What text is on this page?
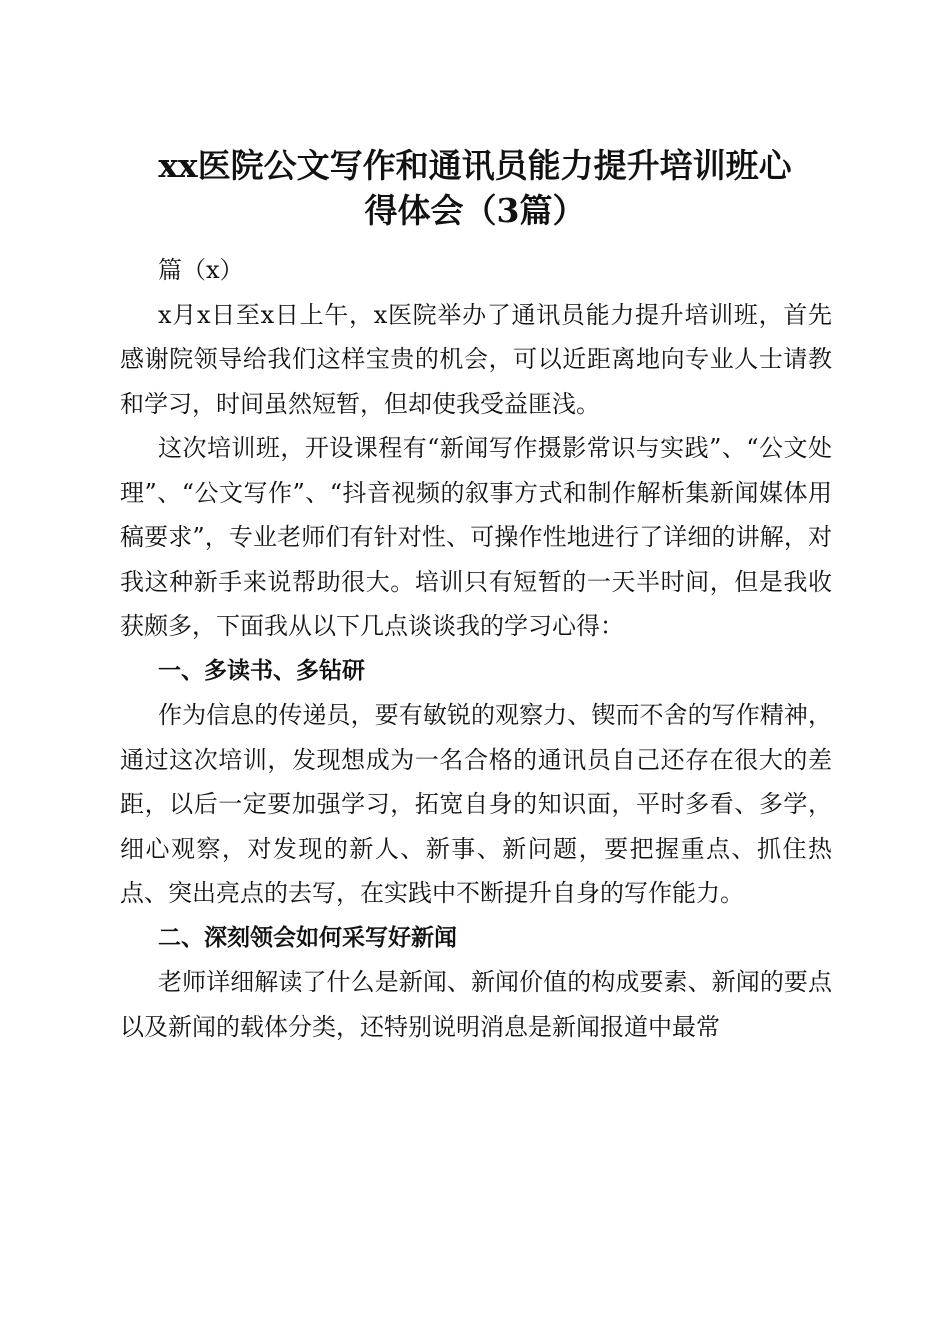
xx医院公文写作和通讯员能力提升培训班心
得体会（3篇）

篇（x）

x月x日至x日上午，x医院举办了通讯员能力提升培训班，首先感谢院领导给我们这样宝贵的机会，可以近距离地向专业人士请教和学习，时间虽然短暂，但却使我受益匪浅。

这次培训班，开设课程有“新闻写作摄影常识与实践”、“公文处理”、“公文写作”、“抖音视频的叙事方式和制作解析集新闻媒体用稿要求”，专业老师们有针对性、可操作性地进行了详细的讲解，对我这种新手来说帮助很大。培训只有短暂的一天半时间，但是我收获颇多，下面我从以下几点谈谈我的学习心得：

一、多读书、多钻研

作为信息的传递员，要有敏锐的观察力、锲而不舍的写作精神，通过这次培训，发现想成为一名合格的通讯员自己还存在很大的差距，以后一定要加强学习，拓宽自身的知识面，平时多看、多学，细心观察，对发现的新人、新事、新问题，要把握重点、抓住热点、突出亮点的去写，在实践中不断提升自身的写作能力。

二、深刻领会如何采写好新闻

老师详细解读了什么是新闻、新闻价值的构成要素、新闻的要点以及新闻的载体分类，还特别说明消息是新闻报道中最常
